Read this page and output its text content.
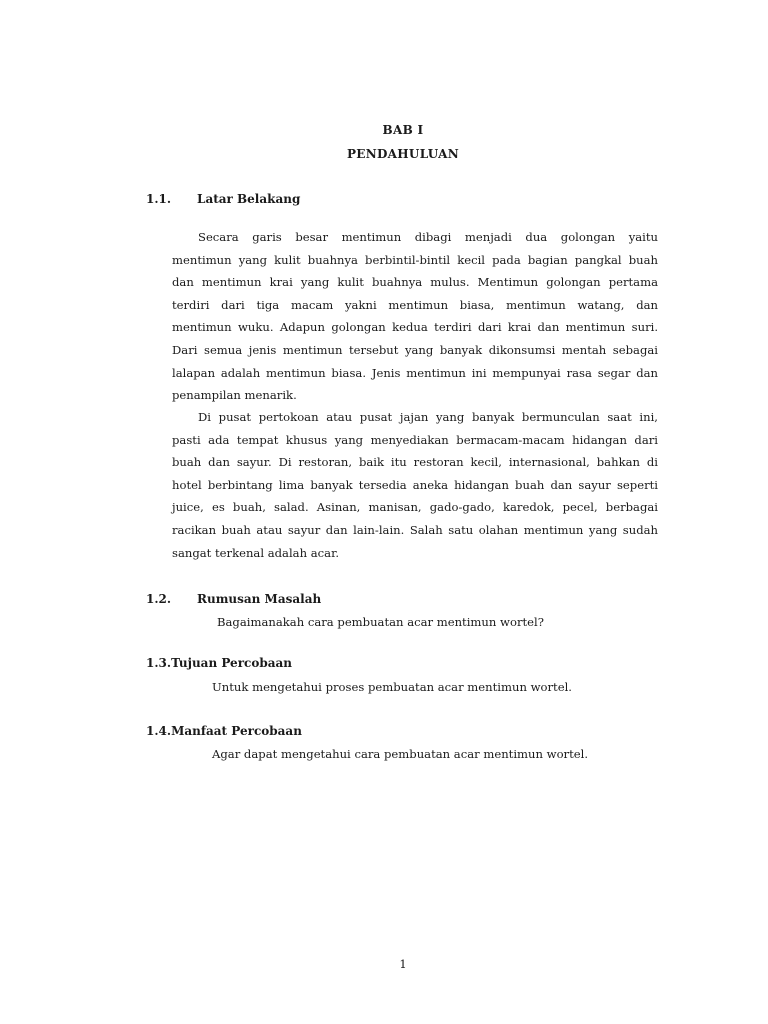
BAB I
PENDAHULUAN
1.1. Latar Belakang
Secara garis besar mentimun dibagi menjadi dua golongan yaitu
mentimun yang kulit buahnya berbintil-bintil kecil pada bagian pangkal buah
dan mentimun krai yang kulit buahnya mulus. Mentimun golongan pertama
terdiri dari tiga macam yakni mentimun biasa, mentimun watang, dan
mentimun wuku. Adapun golongan kedua terdiri dari krai dan mentimun suri.
Dari semua jenis mentimun tersebut yang banyak dikonsumsi mentah sebagai
lalapan adalah mentimun biasa. Jenis mentimun ini mempunyai rasa segar dan
penampilan menarik.
Di pusat pertokoan atau pusat jajan yang banyak bermunculan saat ini,
pasti ada tempat khusus yang menyediakan bermacam-macam hidangan dari
buah dan sayur. Di restoran, baik itu restoran kecil, internasional, bahkan di
hotel berbintang lima banyak tersedia aneka hidangan buah dan sayur seperti
juice, es buah, salad. Asinan, manisan, gado-gado, karedok, pecel, berbagai
racikan buah atau sayur dan lain-lain. Salah satu olahan mentimun yang sudah
sangat terkenal adalah acar.
1.2. Rumusan Masalah
Bagaimanakah cara pembuatan acar mentimun wortel?
1.3.Tujuan Percobaan
Untuk mengetahui proses pembuatan acar mentimun wortel.
1.4.Manfaat Percobaan
Agar dapat mengetahui cara pembuatan acar mentimun wortel.
1
